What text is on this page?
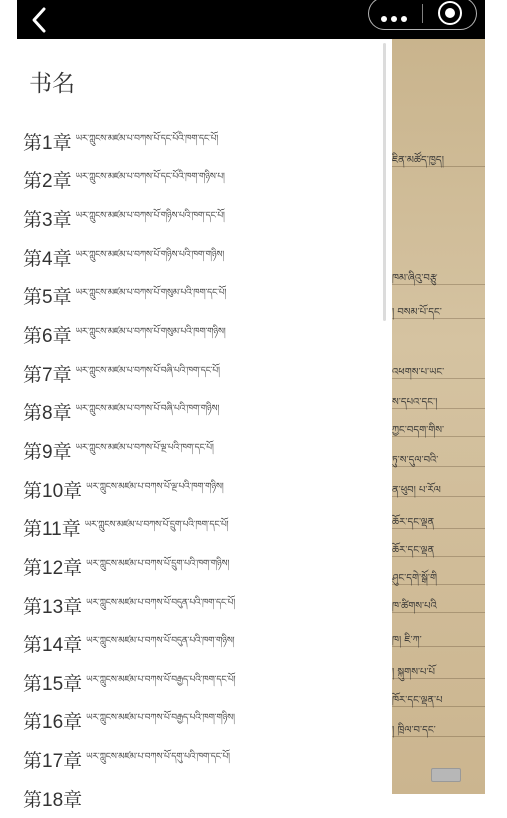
ཇིན་མཚོད་ཁྱད།
ཁམ་ཞིའུ་བརྩུ
། བསམ་པོ་དང་
འཕགས་པ་ཡང་
ས་དཔའ་དང་།
ཀྱང་བདག་གིས་
ཏུ་ས་དུལ་བའི་
ན་ཕུབ། པ་རོལ
ཆོར་དང་ལྡན
ཆོར་དང་ལྡན
ཤུང་དགེ་སྒོ་གི
ཁ་ཚིགས་པའི
ཁ། ཇི་ཀ་
། སྐུགས་པ་པོ
ཁོར་དང་ལྡན་པ
། ཁྲིལ་བ་དང་
书名
第1章 ཡར་ཀླུངས་མཛམ་པ་བཀས་པོ་དང་པོའི་ཁག་དང་པོ།
第2章 ཡར་ཀླུངས་མཛམ་པ་བཀས་པོ་དང་པོའི་ཁག་གཉིས་པ།
第3章 ཡར་ཀླུངས་མཛམ་པ་བཀས་པོ་གཉིས་པའི་ཁག་དང་པོ།
第4章 ཡར་ཀླུངས་མཛམ་པ་བཀས་པོ་གཉིས་པའི་ཁག་གཉིས།
第5章 ཡར་ཀླུངས་མཛམ་པ་བཀས་པོ་གསུམ་པའི་ཁག་དང་པོ།
第6章 ཡར་ཀླུངས་མཛམ་པ་བཀས་པོ་གསུམ་པའི་ཁག་གཉིས།
第7章 ཡར་ཀླུངས་མཛམ་པ་བཀས་པོ་བཞི་པའི་ཁག་དང་པོ།
第8章 ཡར་ཀླུངས་མཛམ་པ་བཀས་པོ་བཞི་པའི་ཁག་གཉིས།
第9章 ཡར་ཀླུངས་མཛམ་པ་བཀས་པོ་ལྔ་པའི་ཁག་དང་པོ།
第10章 ཡར་ཀླུངས་མཛམ་པ་བཀས་པོ་ལྔ་པའི་ཁག་གཉིས།
第11章 ཡར་ཀླུངས་མཛམ་པ་བཀས་པོ་དྲུག་པའི་ཁག་དང་པོ།
第12章 ཡར་ཀླུངས་མཛམ་པ་བཀས་པོ་དྲུག་པའི་ཁག་གཉིས།
第13章 ཡར་ཀླུངས་མཛམ་པ་བཀས་པོ་བདུན་པའི་ཁག་དང་པོ།
第14章 ཡར་ཀླུངས་མཛམ་པ་བཀས་པོ་བདུན་པའི་ཁག་གཉིས།
第15章 ཡར་ཀླུངས་མཛམ་པ་བཀས་པོ་བརྒྱད་པའི་ཁག་དང་པོ།
第16章 ཡར་ཀླུངས་མཛམ་པ་བཀས་པོ་བརྒྱད་པའི་ཁག་གཉིས།
第17章 ཡར་ཀླུངས་མཛམ་པ་བཀས་པོ་དགུ་པའི་ཁག་དང་པོ།
第18章
